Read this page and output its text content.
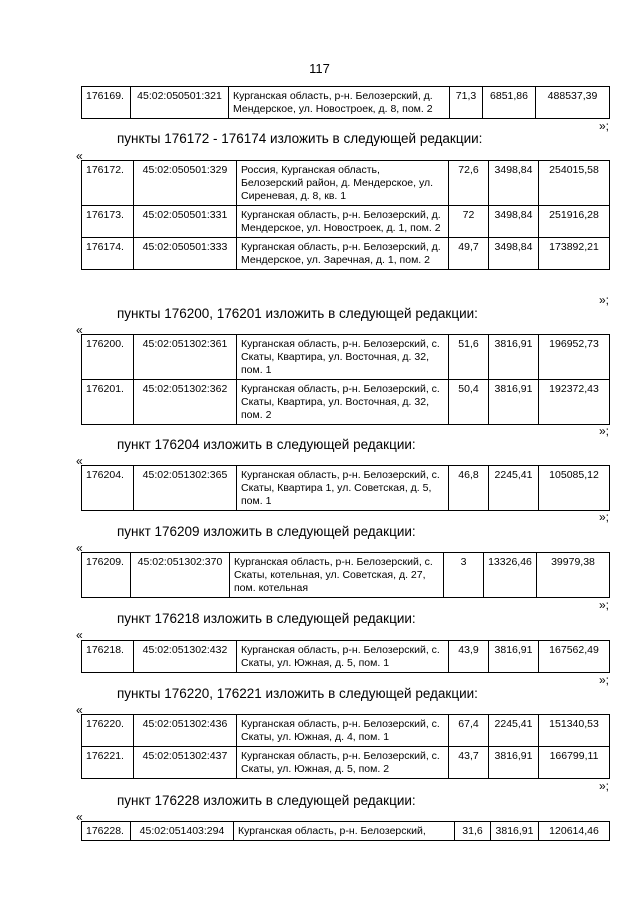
117
176169.	45:02:050501:321	Курганская область, р-н. Белозерский, д. Мендерское, ул. Новостроек, д. 8, пом. 2	71,3	6851,86	488537,39
»;
пункты 176172 - 176174 изложить в следующей редакции:
«
176172.	45:02:050501:329	Россия, Курганская область, Белозерский район, д. Мендерское, ул. Сиреневая, д. 8, кв. 1	72,6	3498,84	254015,58
176173.	45:02:050501:331	Курганская область, р-н. Белозерский, д. Мендерское, ул. Новостроек, д. 1, пом. 2	72	3498,84	251916,28
176174.	45:02:050501:333	Курганская область, р-н. Белозерский, д. Мендерское, ул. Заречная, д. 1, пом. 2	49,7	3498,84	173892,21
»;
пункты 176200, 176201 изложить в следующей редакции:
«
176200.	45:02:051302:361	Курганская область, р-н. Белозерский, с. Скаты, Квартира, ул. Восточная, д. 32, пом. 1	51,6	3816,91	196952,73
176201.	45:02:051302:362	Курганская область, р-н. Белозерский, с. Скаты, Квартира, ул. Восточная, д. 32, пом. 2	50,4	3816,91	192372,43
»;
пункт 176204 изложить в следующей редакции:
«
176204.	45:02:051302:365	Курганская область, р-н. Белозерский, с. Скаты, Квартира 1, ул. Советская, д. 5, пом. 1	46,8	2245,41	105085,12
»;
пункт 176209 изложить в следующей редакции:
«
176209.	45:02:051302:370	Курганская область, р-н. Белозерский, с. Скаты, котельная, ул. Советская, д. 27, пом. котельная	3	13326,46	39979,38
»;
пункт 176218 изложить в следующей редакции:
«
176218.	45:02:051302:432	Курганская область, р-н. Белозерский, с. Скаты, ул. Южная, д. 5, пом. 1	43,9	3816,91	167562,49
»;
пункты 176220, 176221 изложить в следующей редакции:
«
176220.	45:02:051302:436	Курганская область, р-н. Белозерский, с. Скаты, ул. Южная, д. 4, пом. 1	67,4	2245,41	151340,53
176221.	45:02:051302:437	Курганская область, р-н. Белозерский, с. Скаты, ул. Южная, д. 5, пом. 2	43,7	3816,91	166799,11
»;
пункт 176228 изложить в следующей редакции:
«
176228.	45:02:051403:294	Курганская область, р-н. Белозерский,	31,6	3816,91	120614,46
